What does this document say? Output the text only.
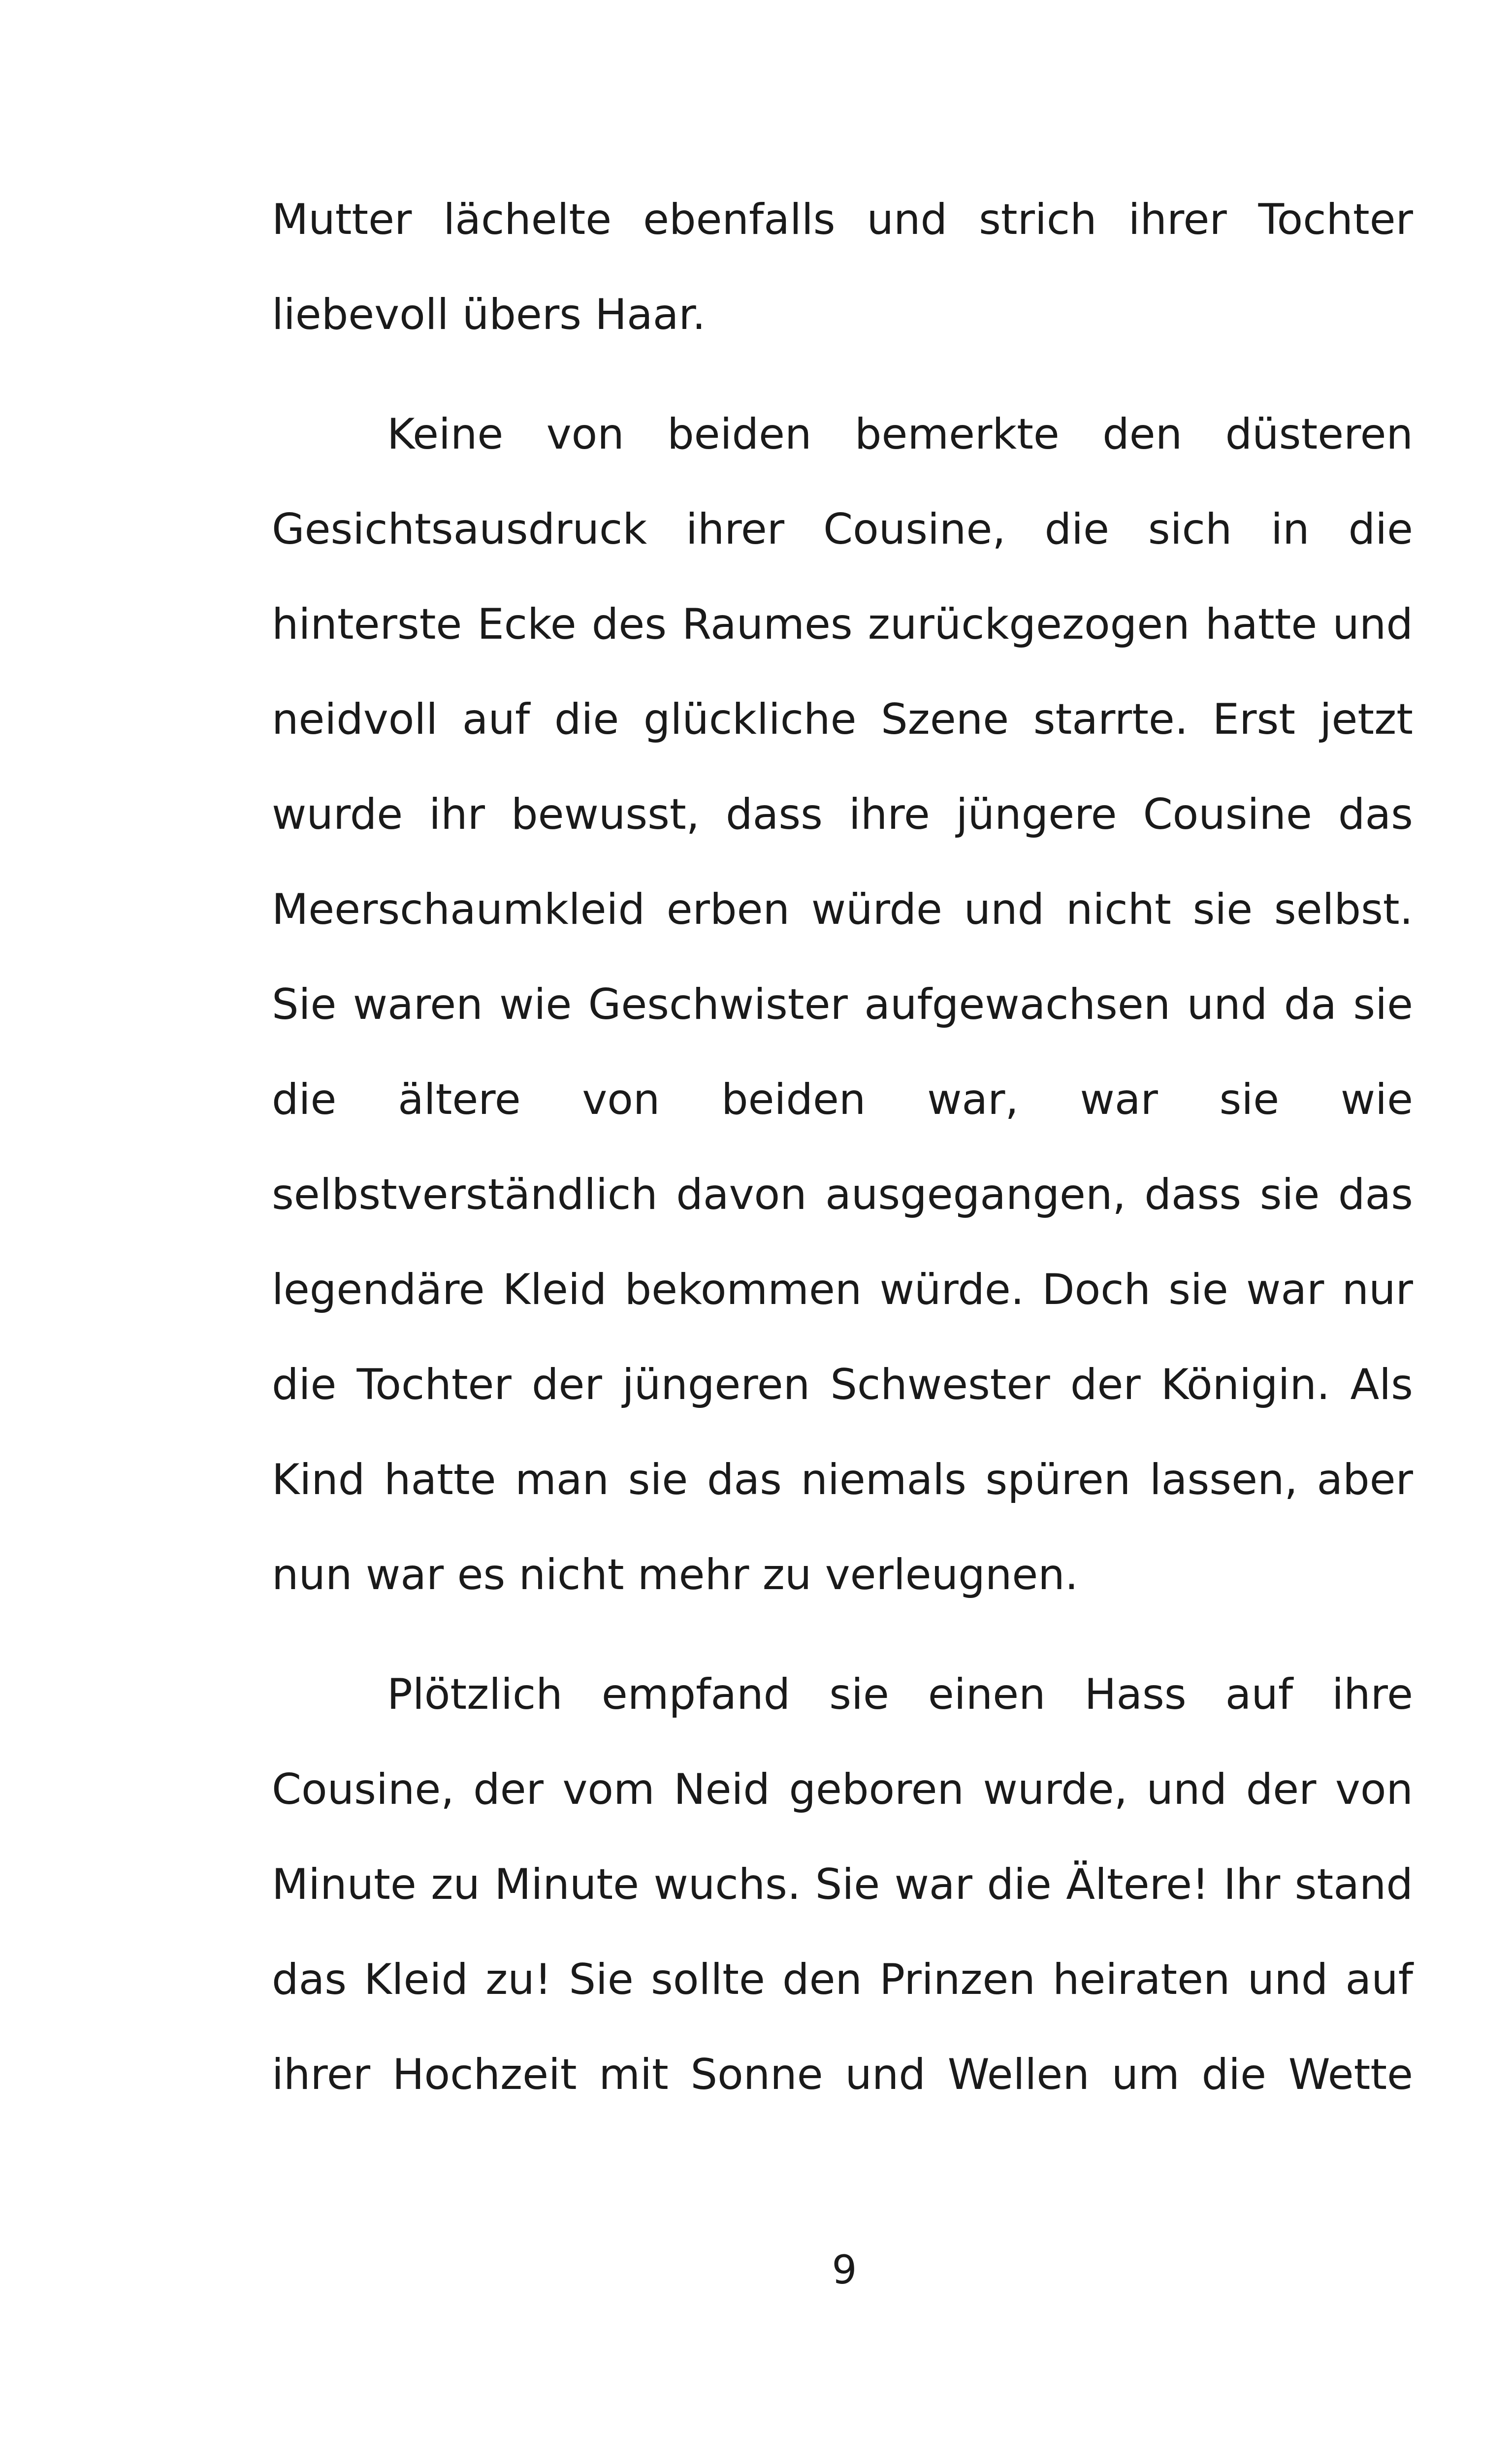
Mutter lächelte ebenfalls und strich ihrer Tochter liebevoll übers Haar.

Keine von beiden bemerkte den düsteren Gesichtsausdruck ihrer Cousine, die sich in die hinterste Ecke des Raumes zurückgezogen hatte und neidvoll auf die glückliche Szene starrte. Erst jetzt wurde ihr bewusst, dass ihre jüngere Cousine das Meerschaumkleid erben würde und nicht sie selbst. Sie waren wie Geschwister aufgewachsen und da sie die ältere von beiden war, war sie wie selbstverständlich davon ausgegangen, dass sie das legendäre Kleid bekommen würde. Doch sie war nur die Tochter der jüngeren Schwester der Königin. Als Kind hatte man sie das niemals spüren lassen, aber nun war es nicht mehr zu verleugnen.

Plötzlich empfand sie einen Hass auf ihre Cousine, der vom Neid geboren wurde, und der von Minute zu Minute wuchs. Sie war die Ältere! Ihr stand das Kleid zu! Sie sollte den Prinzen heiraten und auf ihrer Hochzeit mit Sonne und Wellen um die Wette

9
